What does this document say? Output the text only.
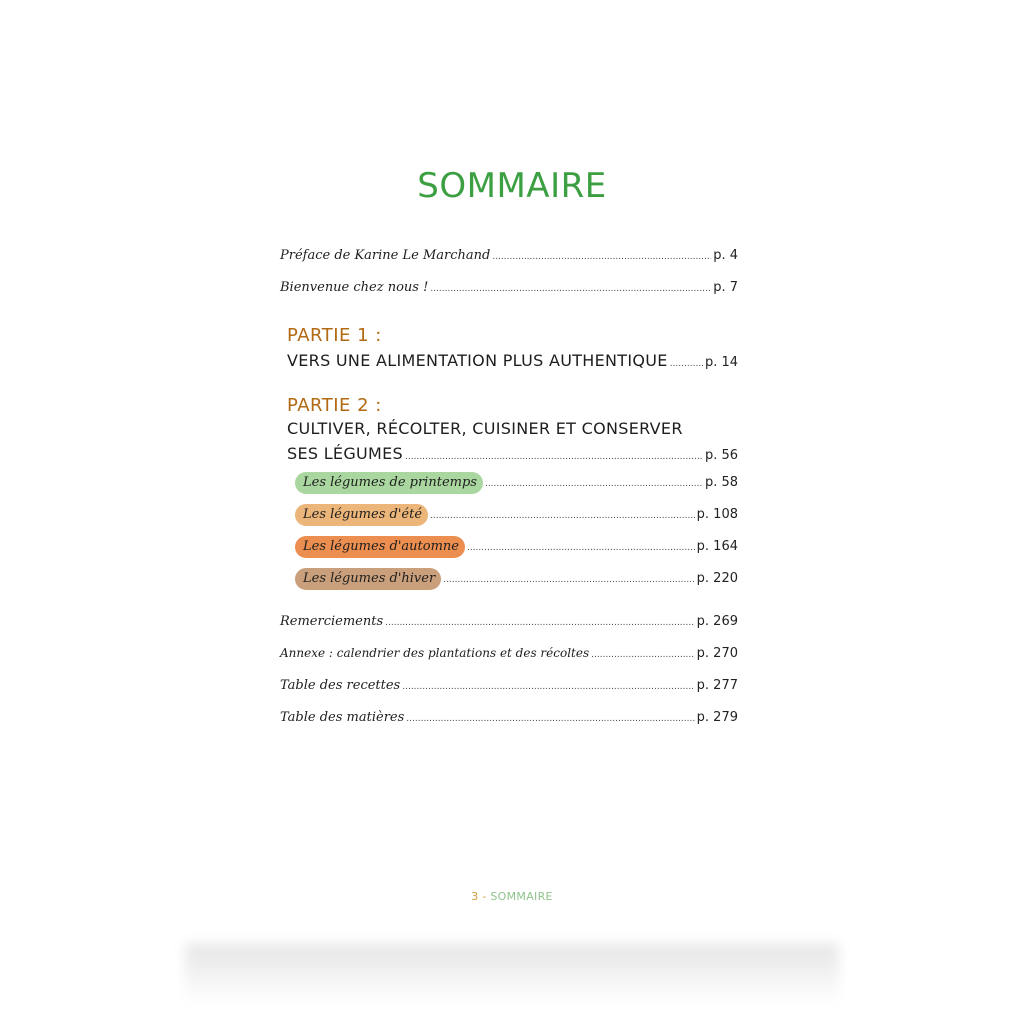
SOMMAIRE
Préface de Karine Le Marchand .....	p. 4
Bienvenue chez nous ! .....	p. 7
PARTIE 1 :
VERS UNE ALIMENTATION PLUS AUTHENTIQUE .....	p. 14
PARTIE 2 :
CULTIVER, RÉCOLTER, CUISINER ET CONSERVER
SES LÉGUMES .....	p. 56
Les légumes de printemps .....	p. 58
Les légumes d'été .....	p. 108
Les légumes d'automne .....	p. 164
Les légumes d'hiver .....	p. 220
Remerciements .....	p. 269
Annexe : calendrier des plantations et des récoltes .....	p. 270
Table des recettes .....	p. 277
Table des matières .....	p. 279
3 - SOMMAIRE
